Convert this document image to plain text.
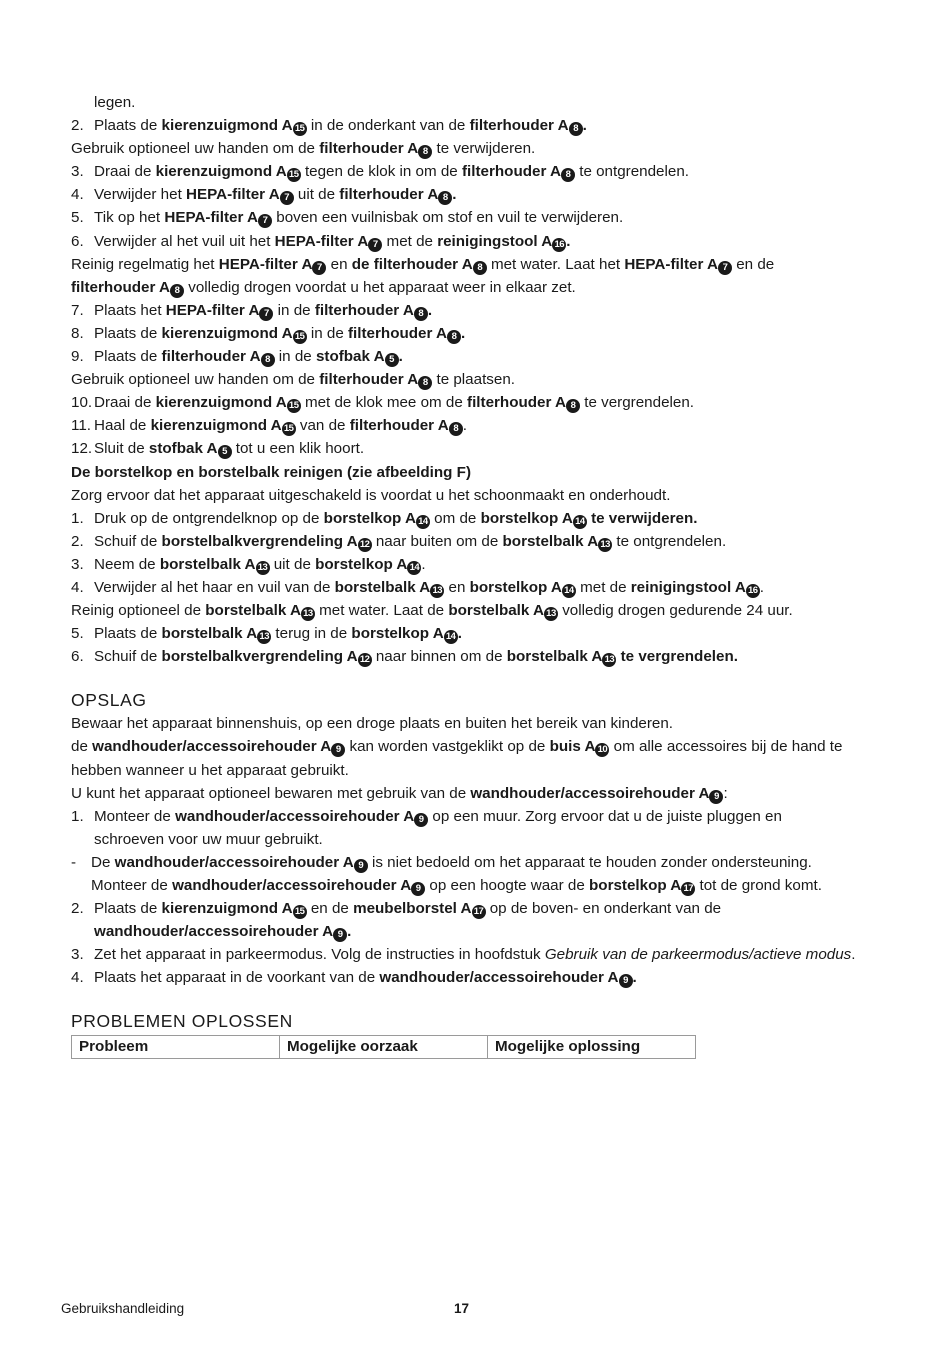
legen.
2. Plaats de kierenzuigmond A 15 in de onderkant van de filterhouder A 8 .
Gebruik optioneel uw handen om de filterhouder A 8 te verwijderen.
3. Draai de kierenzuigmond A 15 tegen de klok in om de filterhouder A 8 te ontgrendelen.
4. Verwijder het HEPA-filter A 7 uit de filterhouder A 8 .
5. Tik op het HEPA-filter A 7 boven een vuilnisbak om stof en vuil te verwijderen.
6. Verwijder al het vuil uit het HEPA-filter A 7 met de reinigingstool A 16 .
Reinig regelmatig het HEPA-filter A 7 en de filterhouder A 8 met water. Laat het HEPA-filter A 7 en de
filterhouder A 8 volledig drogen voordat u het apparaat weer in elkaar zet.
7. Plaats het HEPA-filter A 7 in de filterhouder A 8 .
8. Plaats de kierenzuigmond A 15 in de filterhouder A 8 .
9. Plaats de filterhouder A 8 in de stofbak A 5 .
Gebruik optioneel uw handen om de filterhouder A 8 te plaatsen.
10. Draai de kierenzuigmond A 15 met de klok mee om de filterhouder A 8 te vergrendelen.
11. Haal de kierenzuigmond A 15 van de filterhouder A 8 .
12. Sluit de stofbak A 5 tot u een klik hoort.
De borstelkop en borstelbalk reinigen (zie afbeelding F)
Zorg ervoor dat het apparaat uitgeschakeld is voordat u het schoonmaakt en onderhoudt.
1. Druk op de ontgrendelknop op de borstelkop A 14 om de borstelkop A 14 te verwijderen.
2. Schuif de borstelbalkvergrendeling A 12 naar buiten om de borstelbalk A 13 te ontgrendelen.
3. Neem de borstelbalk A 13 uit de borstelkop A 14 .
4. Verwijder al het haar en vuil van de borstelbalk A 13 en borstelkop A 14 met de reinigingstool A 16 .
Reinig optioneel de borstelbalk A 13 met water. Laat de borstelbalk A 13 volledig drogen gedurende 24 uur.
5. Plaats de borstelbalk A 13 terug in de borstelkop A 14 .
6. Schuif de borstelbalkvergrendeling A 12 naar binnen om de borstelbalk A 13 te vergrendelen.
OPSLAG
Bewaar het apparaat binnenshuis, op een droge plaats en buiten het bereik van kinderen.
de wandhouder/accessoirehouder A 9 kan worden vastgeklikt op de buis A 10 om alle accessoires bij de hand te hebben wanneer u het apparaat gebruikt.
U kunt het apparaat optioneel bewaren met gebruik van de wandhouder/accessoirehouder A 9 :
1. Monteer de wandhouder/accessoirehouder A 9 op een muur. Zorg ervoor dat u de juiste pluggen en schroeven voor uw muur gebruikt.
- De wandhouder/accessoirehouder A 9 is niet bedoeld om het apparaat te houden zonder ondersteuning. Monteer de wandhouder/accessoirehouder A 9 op een hoogte waar de borstelkop A 17 tot de grond komt.
2. Plaats de kierenzuigmond A 15 en de meubelborstel A 17 op de boven- en onderkant van de wandhouder/accessoirehouder A 9 .
3. Zet het apparaat in parkeermodus. Volg de instructies in hoofdstuk Gebruik van de parkeermodus/actieve modus.
4. Plaats het apparaat in de voorkant van de wandhouder/accessoirehouder A 9 .
PROBLEMEN OPLOSSEN
Probleem	Mogelijke oorzaak	Mogelijke oplossing
Gebruikshandleiding	17
